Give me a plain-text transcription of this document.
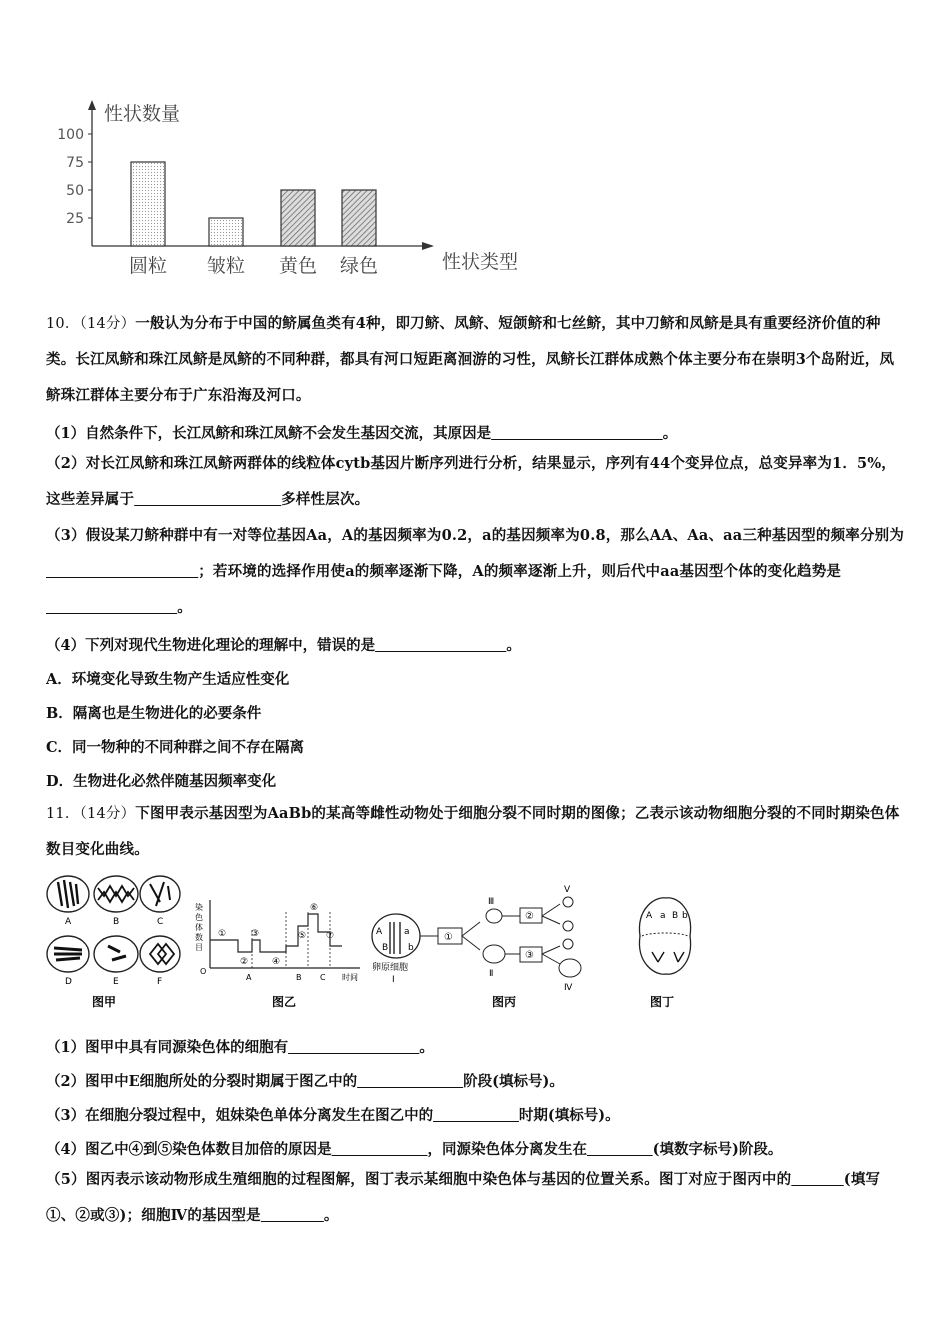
性状数量
性状类型
25
50
75
100
圆粒 皱粒 黄色 绿色
10．（14分）一般认为分布于中国的鲚属鱼类有4种，即刀鲚、凤鲚、短颌鲚和七丝鲚，其中刀鲚和凤鲚是具有重要经济价值的种类。长江凤鲚和珠江凤鲚是凤鲚的不同种群，都具有河口短距离洄游的习性，凤鲚长江群体成熟个体主要分布在崇明3个岛附近，凤鲚珠江群体主要分布于广东沿海及河口。
（1）自然条件下，长江凤鲚和珠江凤鲚不会发生基因交流，其原因是	。
（2）对长江凤鲚和珠江凤鲚两群体的线粒体cytb基因片断序列进行分析，结果显示，序列有44个变异位点，总变异率为1．5%，这些差异属于	多样性层次。
（3）假设某刀鲚种群中有一对等位基因Aa，A的基因频率为0.2，a的基因频率为0.8，那么AA、Aa、aa三种基因型的频率分别为                             ；若环境的选择作用使a的频率逐渐下降，A的频率逐渐上升，则后代中aa基因型个体的变化趋势是                         。
（4）下列对现代生物进化理论的理解中，错误的是	。
A．环境变化导致生物产生适应性变化
B．隔离也是生物进化的必要条件
C．同一物种的不同种群之间不存在隔离
D．生物进化必然伴随基因频率变化
11．（14分）下图甲表示基因型为AaBb的某高等雌性动物处于细胞分裂不同时期的图像；乙表示该动物细胞分裂的不同时期染色体数目变化曲线。
A	B	C
D	E	F
图甲
染
色
体
数
目
O
①
②
③
④
⑤
⑥
⑦
A	B C 时间
图乙
A a
B b
卵原细胞
Ⅰ
①
Ⅲ
Ⅱ
②
③
Ⅴ
Ⅳ
图丙
A a B b
图丁
（1）图甲中具有同源染色体的细胞有	。
（2）图甲中E细胞所处的分裂时期属于图乙中的	阶段(填标号)。
（3）在细胞分裂过程中，姐妹染色单体分离发生在图乙中的	时期(填标号)。
（4）图乙中④到⑤染色体数目加倍的原因是	，同源染色体分离发生在	(填数字标号)阶段。
（5）图丙表示该动物形成生殖细胞的过程图解，图丁表示某细胞中染色体与基因的位置关系。图丁对应于图丙中的	(填写①、②或③)；细胞Ⅳ的基因型是	。
